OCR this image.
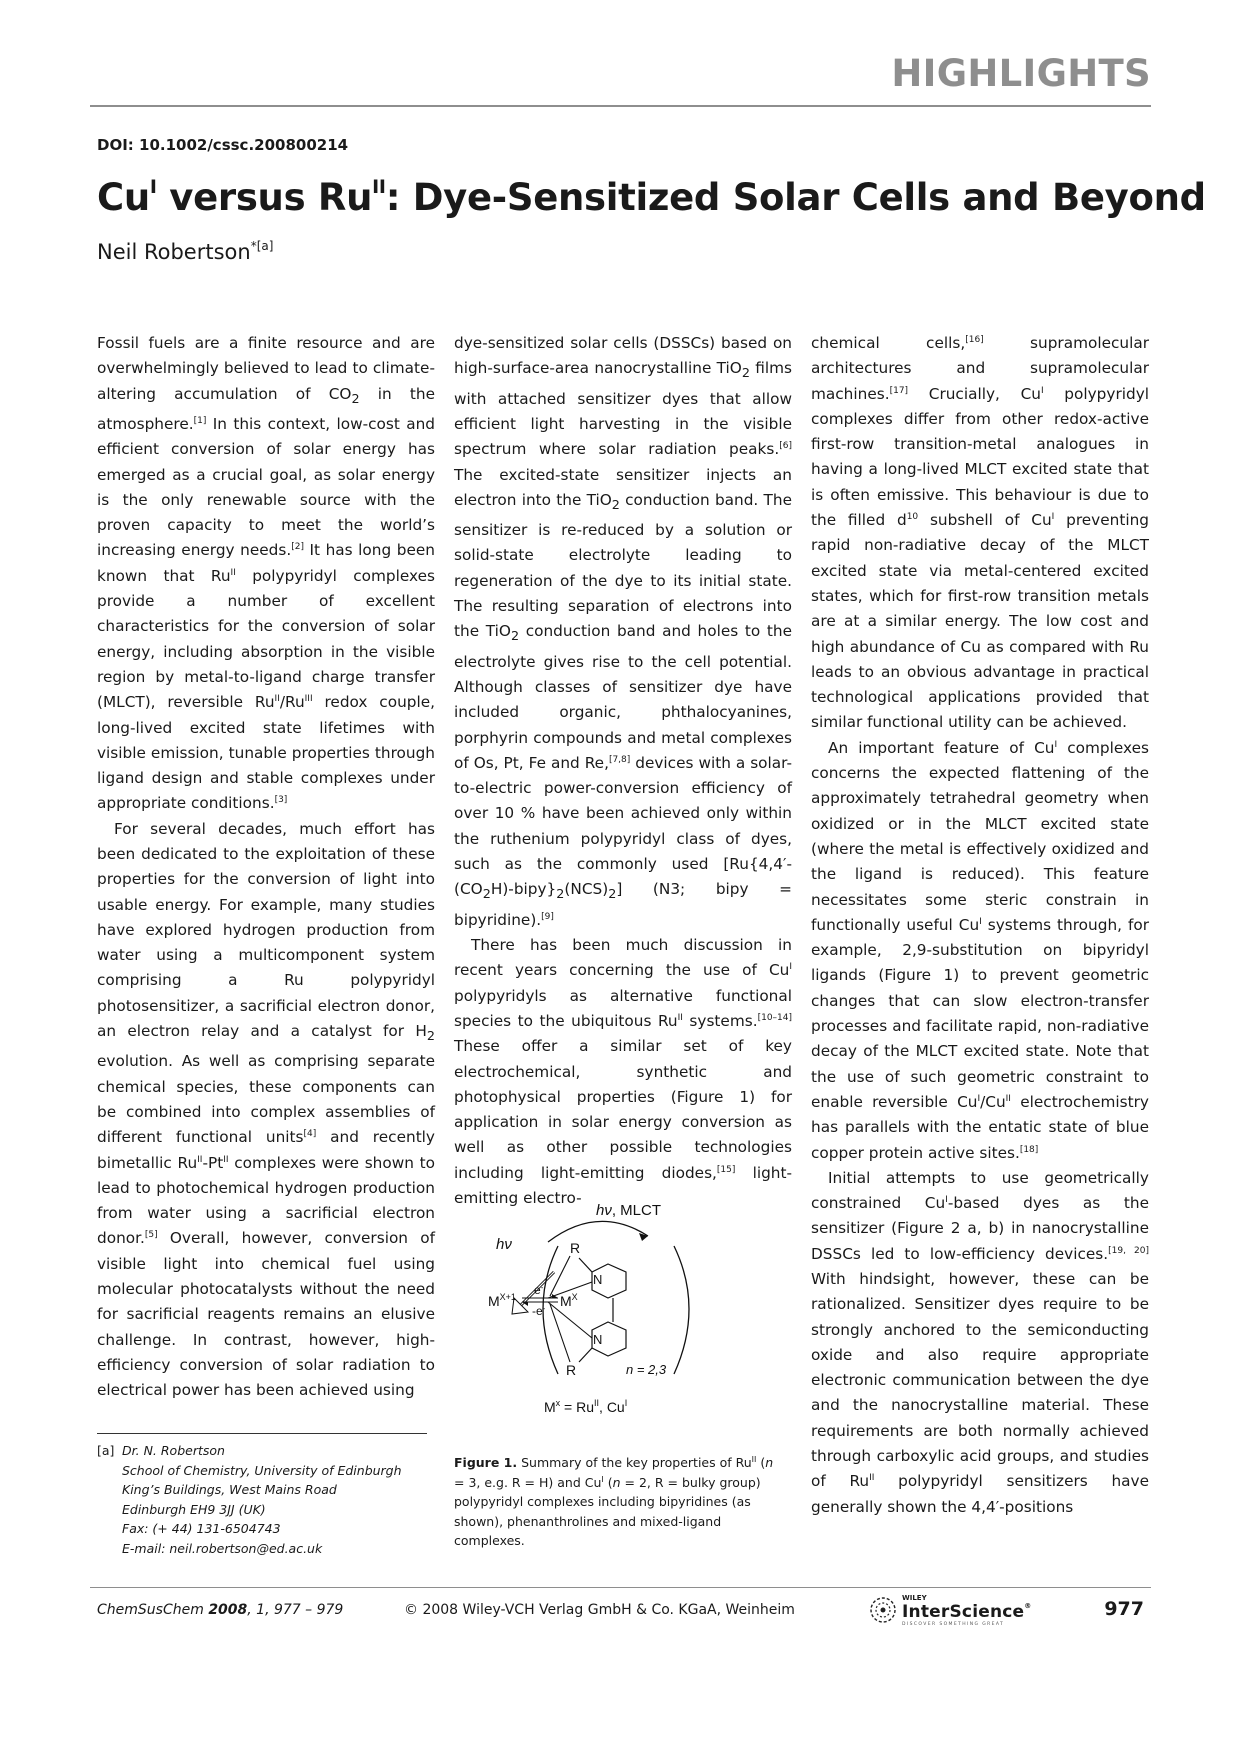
HIGHLIGHTS
DOI: 10.1002/cssc.200800214
$Cu^I$ versus $Ru^{II}$: Dye-Sensitized Solar Cells and Beyond
Neil Robertson$^{*[a]}$

Fossil fuels are a finite resource and are overwhelmingly believed to lead to climate-altering accumulation of $CO_2$ in the atmosphere.[1] In this context, low-cost and efficient conversion of solar energy has emerged as a crucial goal, as solar energy is the only renewable source with the proven capacity to meet the world’s increasing energy needs.[2] It has long been known that $Ru^{II}$ polypyridyl complexes provide a number of excellent characteristics for the conversion of solar energy, including absorption in the visible region by metal-to-ligand charge transfer (MLCT), reversible $Ru^{II}/Ru^{III}$ redox couple, long-lived excited state lifetimes with visible emission, tunable properties through ligand design and stable complexes under appropriate conditions.[3]

For several decades, much effort has been dedicated to the exploitation of these properties for the conversion of light into usable energy. For example, many studies have explored hydrogen production from water using a multicomponent system comprising a Ru polypyridyl photosensitizer, a sacrificial electron donor, an electron relay and a catalyst for $H_2$ evolution. As well as comprising separate chemical species, these components can be combined into complex assemblies of different functional units[4] and recently bimetallic $Ru^{II}-Pt^{II}$ complexes were shown to lead to photochemical hydrogen production from water using a sacrificial electron donor.[5] Overall, however, conversion of visible light into chemical fuel using molecular photocatalysts without the need for sacrificial reagents remains an elusive challenge. In contrast, however, high-efficiency conversion of solar radiation to electrical power has been achieved using

dye-sensitized solar cells (DSSCs) based on high-surface-area nanocrystalline TiO$_2$ films with attached sensitizer dyes that allow efficient light harvesting in the visible spectrum where solar radiation peaks.[6] The excited-state sensitizer injects an electron into the TiO$_2$ conduction band. The sensitizer is re-reduced by a solution or solid-state electrolyte leading to regeneration of the dye to its initial state. The resulting separation of electrons into the TiO$_2$ conduction band and holes to the electrolyte gives rise to the cell potential. Although classes of sensitizer dye have included organic, phthalocyanines, porphyrin compounds and metal complexes of Os, Pt, Fe and Re,[7,8] devices with a solar-to-electric power-conversion efficiency of over 10 % have been achieved only within the ruthenium polypyridyl class of dyes, such as the commonly used $[Ru\{4,4'-(CO_2H)-bipy\}_2(NCS)_2]$ (N3; bipy = bipyridine).[9]

There has been much discussion in recent years concerning the use of $Cu^I$ polypyridyls as alternative functional species to the ubiquitous $Ru^{II}$ systems.[10–14] These offer a similar set of key electrochemical, synthetic and photophysical properties (Figure 1) for application in solar energy conversion as well as other possible technologies including light-emitting diodes,[15] light-emitting electro-

chemical cells,[16] supramolecular architectures and supramolecular machines.[17] Crucially, $Cu^I$ polypyridyl complexes differ from other redox-active first-row transition-metal analogues in having a long-lived MLCT excited state that is often emissive. This behaviour is due to the filled $d^{10}$ subshell of $Cu^I$ preventing rapid non-radiative decay of the MLCT excited state via metal-centered excited states, which for first-row transition metals are at a similar energy. The low cost and high abundance of Cu as compared with Ru leads to an obvious advantage in practical technological applications provided that similar functional utility can be achieved.

An important feature of $Cu^I$ complexes concerns the expected flattening of the approximately tetrahedral geometry when oxidized or in the MLCT excited state (where the metal is effectively oxidized and the ligand is reduced). This feature necessitates some steric constrain in functionally useful $Cu^I$ systems through, for example, 2,9-substitution on bipyridyl ligands (Figure 1) to prevent geometric changes that can slow electron-transfer processes and facilitate rapid, non-radiative decay of the MLCT excited state. Note that the use of such geometric constraint to enable reversible $Cu^I/Cu^{II}$ electrochemistry has parallels with the entatic state of blue copper protein active sites.[18]

Initial attempts to use geometrically constrained $Cu^I$-based dyes as the sensitizer (Figure 2 a, b) in nanocrystalline DSSCs led to low-efficiency devices.[19, 20] With hindsight, however, these can be rationalized. Sensitizer dyes require to be strongly anchored to the semiconducting oxide and also require appropriate electronic communication between the dye and the nanocrystalline material. These requirements are both normally achieved through carboxylic acid groups, and studies of $Ru^{II}$ polypyridyl sensitizers have generally shown the 4,4′-positions

[a] Dr. N. Robertson
School of Chemistry, University of Edinburgh
King’s Buildings, West Mains Road
Edinburgh EH9 3JJ (UK)
Fax: (+ 44) 131-6504743
E-mail: neil.robertson@ed.ac.uk
hν, MLCT
hν	R
R
N
N
$M^{X+1}$ e-
-e- $M^X$
n = 2,3
$M^x = Ru^{II}$, $Cu^I$
Figure 1. Summary of the key properties of $Ru^{II}$ (n = 3, e.g. R = H) and $Cu^I$ (n = 2, R = bulky group) polypyridyl complexes including bipyridines (as shown), phenanthrolines and mixed-ligand complexes.
ChemSusChem 2008, 1, 977 – 979	© 2008 Wiley-VCH Verlag GmbH & Co. KGaA, Weinheim
WILEY
InterScience®
DISCOVER SOMETHING GREAT
977
